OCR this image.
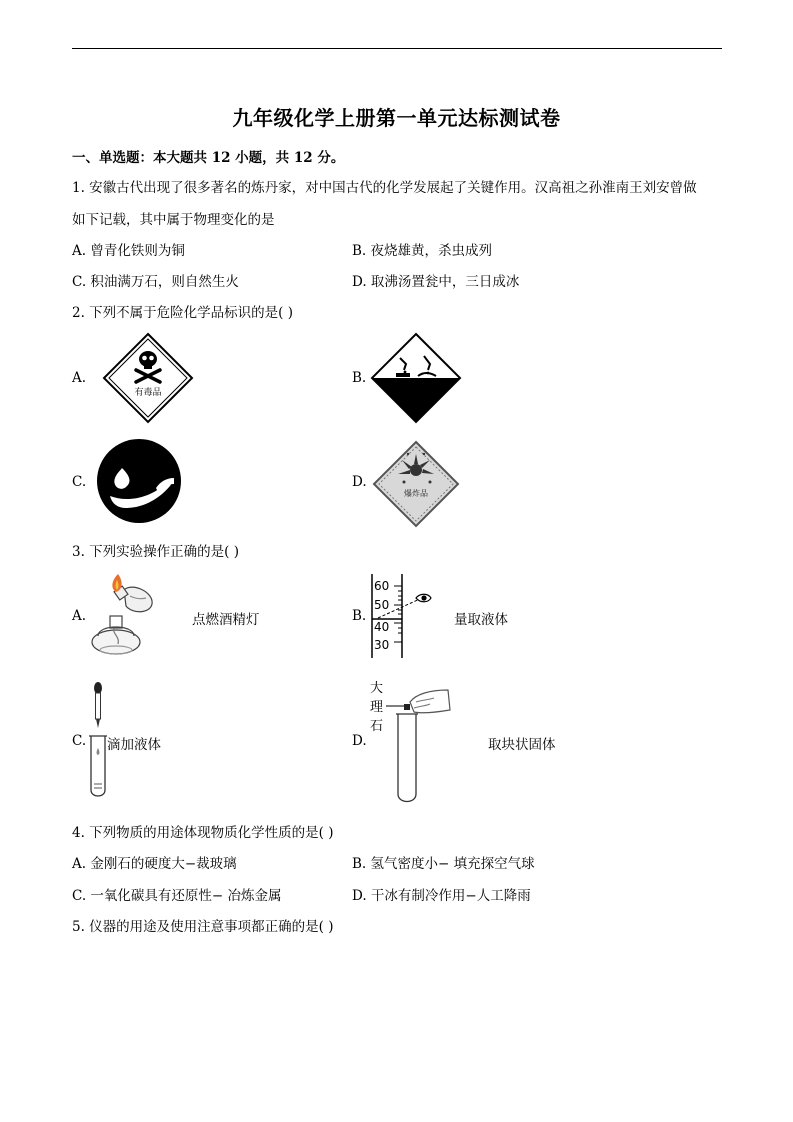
九年级化学上册第一单元达标测试卷
一、单选题：本大题共 12 小题，共 12 分。
1. 安徽古代出现了很多著名的炼丹家，对中国古代的化学发展起了关键作用。汉高祖之孙淮南王刘安曾做
如下记载，其中属于物理变化的是
A. 曾青化铁则为铜	B. 夜烧雄黄，杀虫成列
C. 积油满万石，则自然生火	D. 取沸汤置瓮中，三日成冰
2. 下列不属于危险化学品标识的是( )
A.
有毒品
B.
C.	D.
爆炸品
3. 下列实验操作正确的是( )
A.	点燃酒精灯	B.
60
50
40
30
量取液体
C. 滴加液体	D.
大
理
石
取块状固体
4. 下列物质的用途体现物质化学性质的是( )
A. 金刚石的硬度大−裁玻璃	B. 氢气密度小− 填充探空气球
C. 一氧化碳具有还原性− 冶炼金属	D. 干冰有制冷作用−人工降雨
5. 仪器的用途及使用注意事项都正确的是( )
